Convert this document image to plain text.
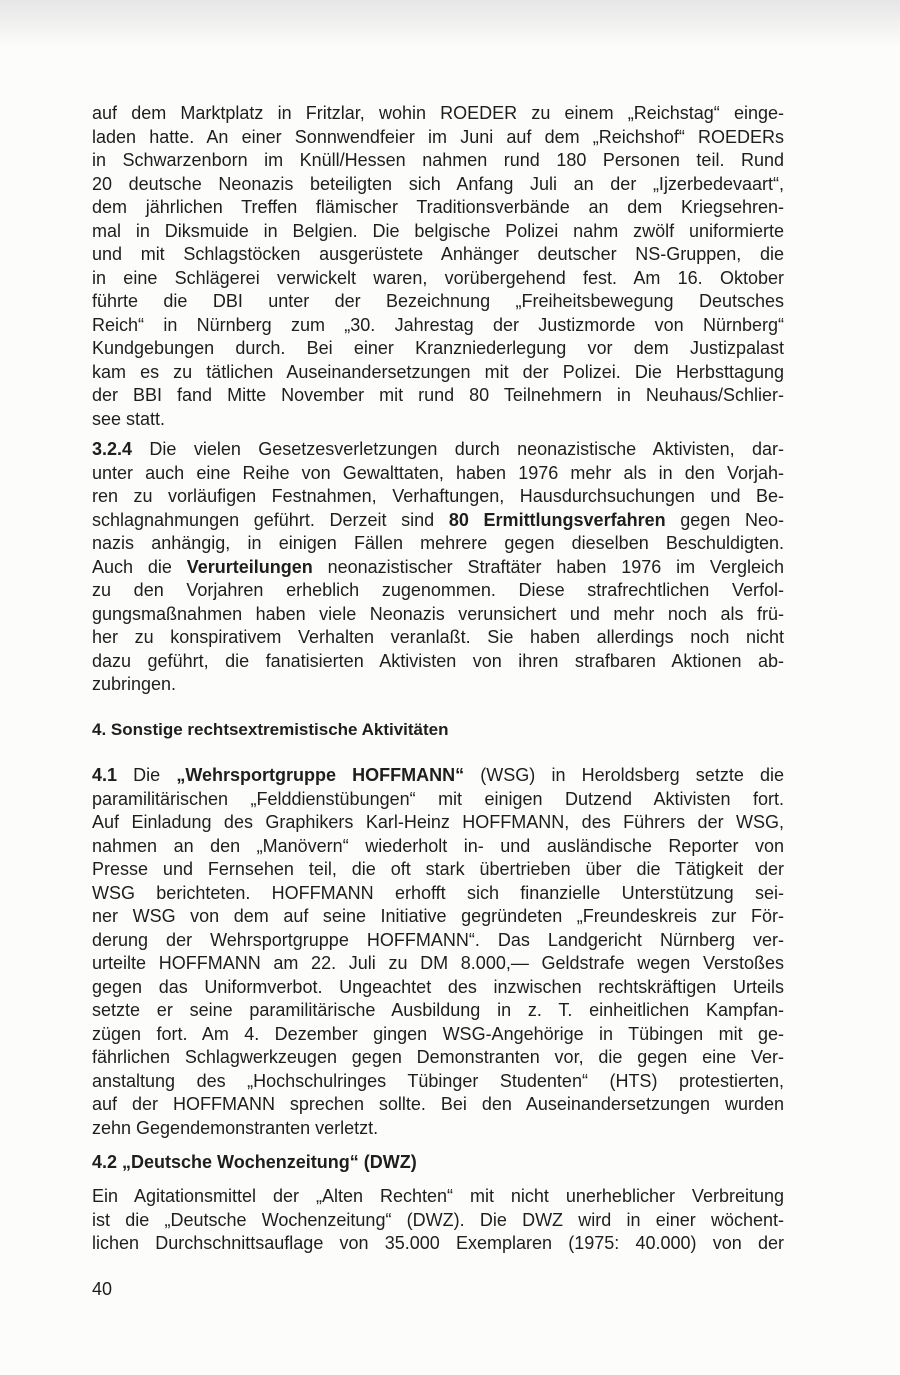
auf dem Marktplatz in Fritzlar, wohin ROEDER zu einem „Reichstag“ einge-
laden hatte. An einer Sonnwendfeier im Juni auf dem „Reichshof“ ROEDERs
in Schwarzenborn im Knüll/Hessen nahmen rund 180 Personen teil. Rund
20 deutsche Neonazis beteiligten sich Anfang Juli an der „Ijzerbedevaart“,
dem jährlichen Treffen flämischer Traditionsverbände an dem Kriegsehren-
mal in Diksmuide in Belgien. Die belgische Polizei nahm zwölf uniformierte
und mit Schlagstöcken ausgerüstete Anhänger deutscher NS-Gruppen, die
in eine Schlägerei verwickelt waren, vorübergehend fest. Am 16. Oktober
führte die DBI unter der Bezeichnung „Freiheitsbewegung Deutsches
Reich“ in Nürnberg zum „30. Jahrestag der Justizmorde von Nürnberg“
Kundgebungen durch. Bei einer Kranzniederlegung vor dem Justizpalast
kam es zu tätlichen Auseinandersetzungen mit der Polizei. Die Herbsttagung
der BBI fand Mitte November mit rund 80 Teilnehmern in Neuhaus/Schlier-
see statt.
3.2.4 Die vielen Gesetzesverletzungen durch neonazistische Aktivisten, dar-
unter auch eine Reihe von Gewalttaten, haben 1976 mehr als in den Vorjah-
ren zu vorläufigen Festnahmen, Verhaftungen, Hausdurchsuchungen und Be-
schlagnahmungen geführt. Derzeit sind 80 Ermittlungsverfahren gegen Neo-
nazis anhängig, in einigen Fällen mehrere gegen dieselben Beschuldigten.
Auch die Verurteilungen neonazistischer Straftäter haben 1976 im Vergleich
zu den Vorjahren erheblich zugenommen. Diese strafrechtlichen Verfol-
gungsmaßnahmen haben viele Neonazis verunsichert und mehr noch als frü-
her zu konspirativem Verhalten veranlaßt. Sie haben allerdings noch nicht
dazu geführt, die fanatisierten Aktivisten von ihren strafbaren Aktionen ab-
zubringen.
4. Sonstige rechtsextremistische Aktivitäten
4.1 Die „Wehrsportgruppe HOFFMANN“ (WSG) in Heroldsberg setzte die
paramilitärischen „Felddienstübungen“ mit einigen Dutzend Aktivisten fort.
Auf Einladung des Graphikers Karl-Heinz HOFFMANN, des Führers der WSG,
nahmen an den „Manövern“ wiederholt in- und ausländische Reporter von
Presse und Fernsehen teil, die oft stark übertrieben über die Tätigkeit der
WSG berichteten. HOFFMANN erhofft sich finanzielle Unterstützung sei-
ner WSG von dem auf seine Initiative gegründeten „Freundeskreis zur För-
derung der Wehrsportgruppe HOFFMANN“. Das Landgericht Nürnberg ver-
urteilte HOFFMANN am 22. Juli zu DM 8.000,— Geldstrafe wegen Verstoßes
gegen das Uniformverbot. Ungeachtet des inzwischen rechtskräftigen Urteils
setzte er seine paramilitärische Ausbildung in z. T. einheitlichen Kampfan-
zügen fort. Am 4. Dezember gingen WSG-Angehörige in Tübingen mit ge-
fährlichen Schlagwerkzeugen gegen Demonstranten vor, die gegen eine Ver-
anstaltung des „Hochschulringes Tübinger Studenten“ (HTS) protestierten,
auf der HOFFMANN sprechen sollte. Bei den Auseinandersetzungen wurden
zehn Gegendemonstranten verletzt.
4.2 „Deutsche Wochenzeitung“ (DWZ)
Ein Agitationsmittel der „Alten Rechten“ mit nicht unerheblicher Verbreitung
ist die „Deutsche Wochenzeitung“ (DWZ). Die DWZ wird in einer wöchent-
lichen Durchschnittsauflage von 35.000 Exemplaren (1975: 40.000) von der
40
